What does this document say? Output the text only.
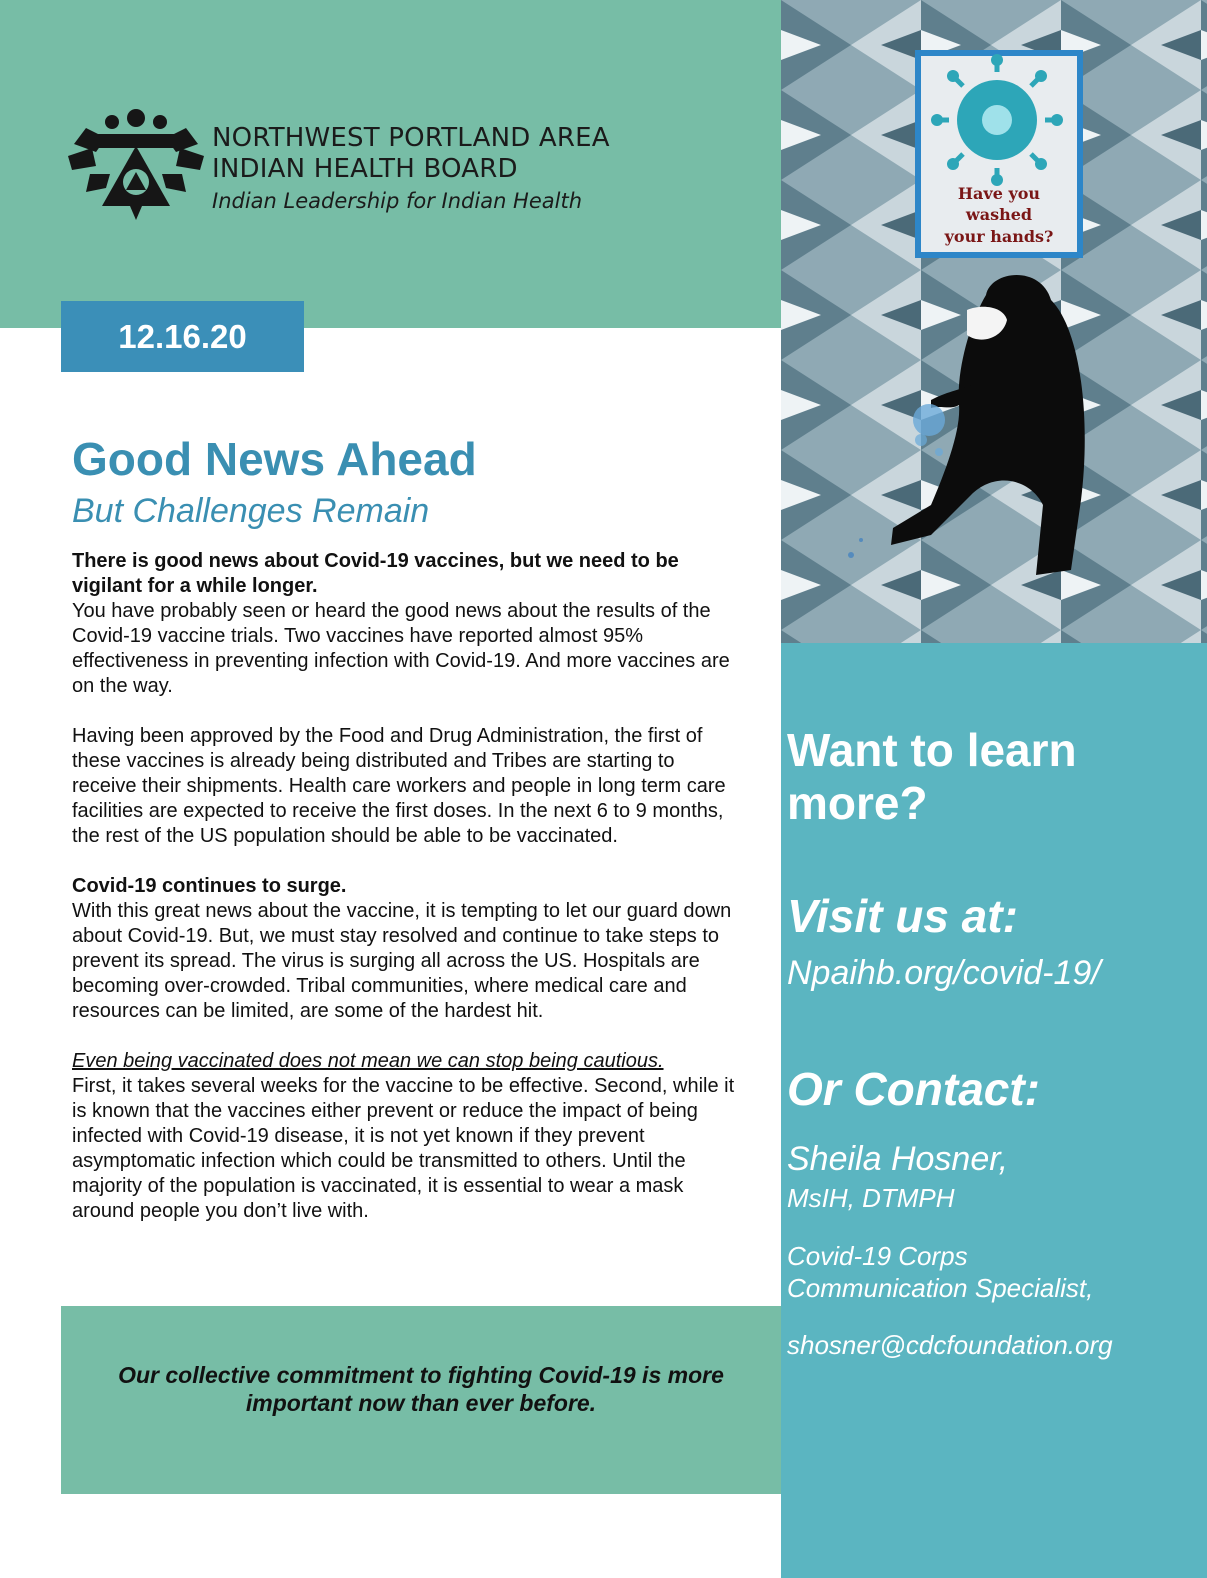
NORTHWEST PORTLAND AREA
INDIAN HEALTH BOARD
Indian Leadership for Indian Health
12.16.20
Good News Ahead
But Challenges Remain

There is good news about Covid-19 vaccines, but we need to be vigilant for a while longer.

You have probably seen or heard the good news about the results of the Covid-19 vaccine trials. Two vaccines have reported almost 95% effectiveness in preventing infection with Covid-19. And more vaccines are on the way.

Having been approved by the Food and Drug Administration, the first of these vaccines is already being distributed and Tribes are starting to receive their shipments. Health care workers and people in long term care facilities are expected to receive the first doses. In the next 6 to 9 months, the rest of the US population should be able to be vaccinated.

Covid-19 continues to surge.

With this great news about the vaccine, it is tempting to let our guard down about Covid-19. But, we must stay resolved and continue to take steps to prevent its spread. The virus is surging all across the US. Hospitals are becoming over-crowded. Tribal communities, where medical care and resources can be limited, are some of the hardest hit.

Even being vaccinated does not mean we can stop being cautious.

First, it takes several weeks for the vaccine to be effective. Second, while it is known that the vaccines either prevent or reduce the impact of being infected with Covid-19 disease, it is not yet known if they prevent asymptomatic infection which could be transmitted to others. Until the majority of the population is vaccinated, it is essential to wear a mask around people you don’t live with.

Our collective commitment to fighting Covid-19 is more important now than ever before.
Have you
washed
your hands?
Want to learn more?
Visit us at:
Npaihb.org/covid-19/
Or Contact:
Sheila Hosner,
MsIH, DTMPH
Covid-19 Corps Communication Specialist,
shosner@cdcfoundation.org
